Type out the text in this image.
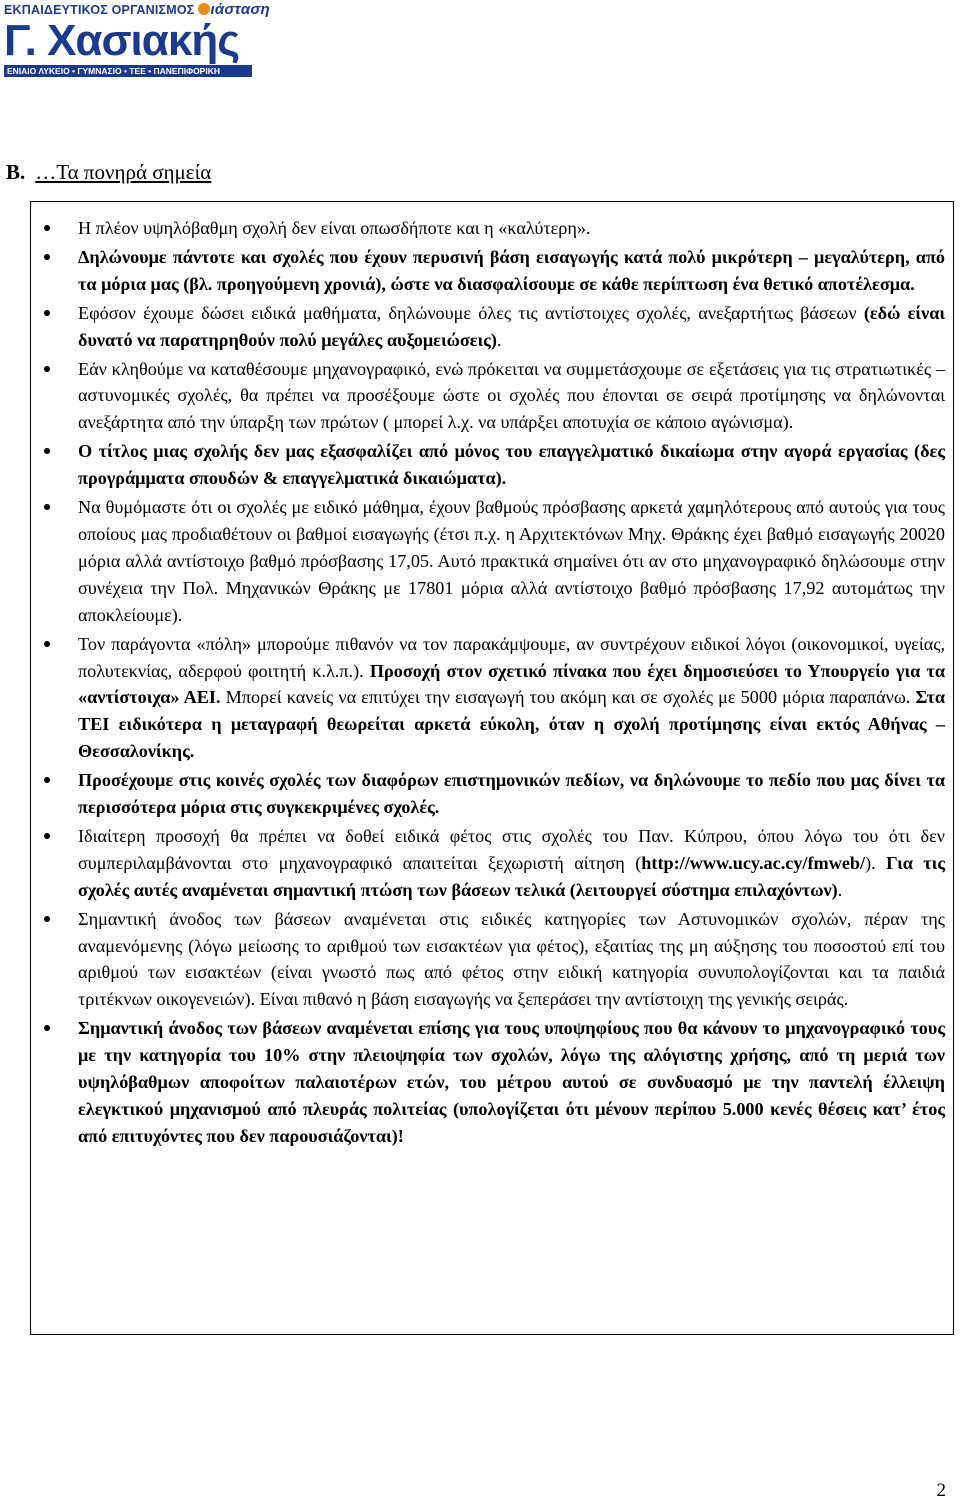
ΕΚΠΑΙΔΕΥΤΙΚΟΣ ΟΡΓΑΝΙΣΜΟΣ ιάσταση
Γ. Χασιακής
ΕΝΙΑΙΟ ΛΥΚΕΙΟ • ΓΥΜΝΑΣΙΟ • ΤΕΕ • ΠΑΝΕΠΙΦΟΡΙΚΗ
Β. …Τα πονηρά σημεία
Η πλέον υψηλόβαθμη σχολή δεν είναι οπωσδήποτε και η «καλύτερη».
Δηλώνουμε πάντοτε και σχολές που έχουν περυσινή βάση εισαγωγής κατά πολύ μικρότερη – μεγαλύτερη, από τα μόρια μας (βλ. προηγούμενη χρονιά), ώστε να διασφαλίσουμε σε κάθε περίπτωση ένα θετικό αποτέλεσμα.
Εφόσον έχουμε δώσει ειδικά μαθήματα, δηλώνουμε όλες τις αντίστοιχες σχολές, ανεξαρτήτως βάσεων (εδώ είναι δυνατό να παρατηρηθούν πολύ μεγάλες αυξομειώσεις).
Εάν κληθούμε να καταθέσουμε μηχανογραφικό, ενώ πρόκειται να συμμετάσχουμε σε εξετάσεις για τις στρατιωτικές – αστυνομικές σχολές, θα πρέπει να προσέξουμε ώστε οι σχολές που έπονται σε σειρά προτίμησης να δηλώνονται ανεξάρτητα από την ύπαρξη των πρώτων ( μπορεί λ.χ. να υπάρξει αποτυχία σε κάποιο αγώνισμα).
Ο τίτλος μιας σχολής δεν μας εξασφαλίζει από μόνος του επαγγελματικό δικαίωμα στην αγορά εργασίας (δες προγράμματα σπουδών & επαγγελματικά δικαιώματα).
Να θυμόμαστε ότι οι σχολές με ειδικό μάθημα, έχουν βαθμούς πρόσβασης αρκετά χαμηλότερους από αυτούς για τους οποίους μας προδιαθέτουν οι βαθμοί εισαγωγής (έτσι π.χ. η Αρχιτεκτόνων Μηχ. Θράκης έχει βαθμό εισαγωγής 20020 μόρια αλλά αντίστοιχο βαθμό πρόσβασης 17,05. Αυτό πρακτικά σημαίνει ότι αν στο μηχανογραφικό δηλώσουμε στην συνέχεια την Πολ. Μηχανικών Θράκης με 17801 μόρια αλλά αντίστοιχο βαθμό πρόσβασης 17,92 αυτομάτως την αποκλείουμε).
Τον παράγοντα «πόλη» μπορούμε πιθανόν να τον παρακάμψουμε, αν συντρέχουν ειδικοί λόγοι (οικονομικοί, υγείας, πολυτεκνίας, αδερφού φοιτητή κ.λ.π.). Προσοχή στον σχετικό πίνακα που έχει δημοσιεύσει το Υπουργείο για τα «αντίστοιχα» ΑΕΙ. Μπορεί κανείς να επιτύχει την εισαγωγή του ακόμη και σε σχολές με 5000 μόρια παραπάνω. Στα ΤΕΙ ειδικότερα η μεταγραφή θεωρείται αρκετά εύκολη, όταν η σχολή προτίμησης είναι εκτός Αθήνας – Θεσσαλονίκης.
Προσέχουμε στις κοινές σχολές των διαφόρων επιστημονικών πεδίων, να δηλώνουμε το πεδίο που μας δίνει τα περισσότερα μόρια στις συγκεκριμένες σχολές.
Ιδιαίτερη προσοχή θα πρέπει να δοθεί ειδικά φέτος στις σχολές του Παν. Κύπρου, όπου λόγω του ότι δεν συμπεριλαμβάνονται στο μηχανογραφικό απαιτείται ξεχωριστή αίτηση (http://www.ucy.ac.cy/fmweb/). Για τις σχολές αυτές αναμένεται σημαντική πτώση των βάσεων τελικά (λειτουργεί σύστημα επιλαχόντων).
Σημαντική άνοδος των βάσεων αναμένεται στις ειδικές κατηγορίες των Αστυνομικών σχολών, πέραν της αναμενόμενης (λόγω μείωσης το αριθμού των εισακτέων για φέτος), εξαιτίας της μη αύξησης του ποσοστού επί του αριθμού των εισακτέων (είναι γνωστό πως από φέτος στην ειδική κατηγορία συνυπολογίζονται και τα παιδιά τριτέκνων οικογενειών). Είναι πιθανό η βάση εισαγωγής να ξεπεράσει την αντίστοιχη της γενικής σειράς.
Σημαντική άνοδος των βάσεων αναμένεται επίσης για τους υποψηφίους που θα κάνουν το μηχανογραφικό τους με την κατηγορία του 10% στην πλειοψηφία των σχολών, λόγω της αλόγιστης χρήσης, από τη μεριά των υψηλόβαθμων αποφοίτων παλαιοτέρων ετών, του μέτρου αυτού σε συνδυασμό με την παντελή έλλειψη ελεγκτικού μηχανισμού από πλευράς πολιτείας (υπολογίζεται ότι μένουν περίπου 5.000 κενές θέσεις κατ’ έτος από επιτυχόντες που δεν παρουσιάζονται)!
2
